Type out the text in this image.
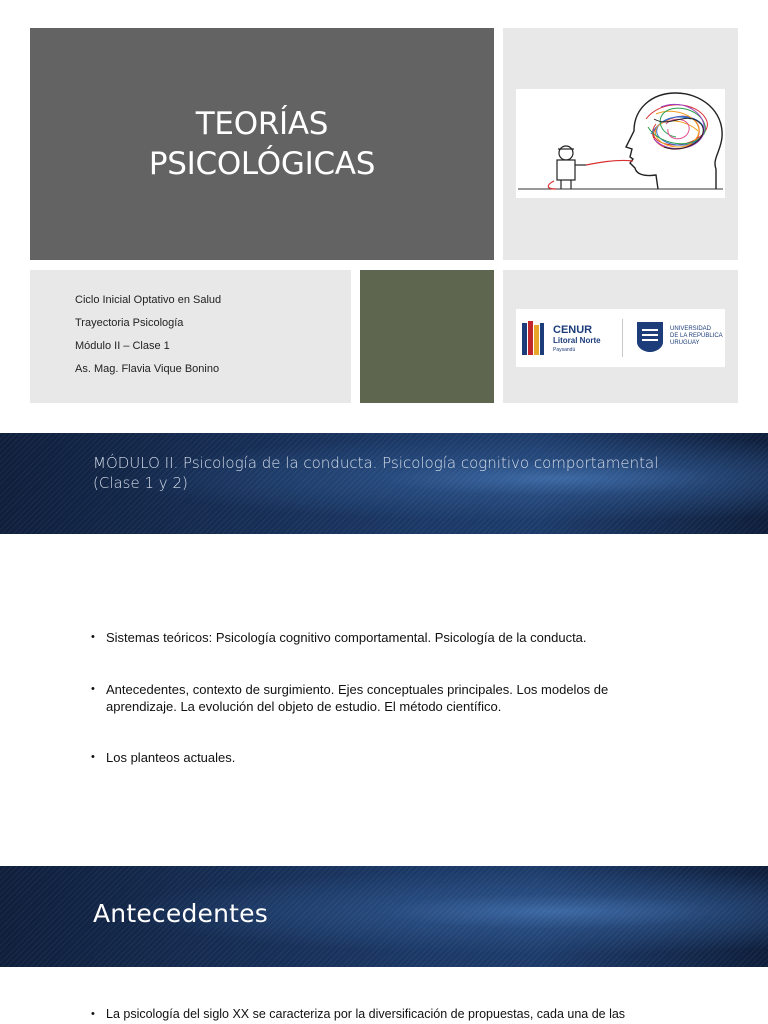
TEORÍAS
PSICOLÓGICAS
Ciclo Inicial Optativo en Salud
Trayectoria Psicología
Módulo II – Clase 1
As. Mag. Flavia Vique Bonino
CENUR
Litoral Norte
Paysandú
UNIVERSIDAD
DE LA REPÚBLICA
URUGUAY
MÓDULO II. Psicología de la conducta. Psicología cognitivo comportamental
(Clase 1 y 2)
• Sistemas teóricos: Psicología cognitivo comportamental. Psicología de la conducta.
• Antecedentes, contexto de surgimiento. Ejes conceptuales principales. Los modelos de
aprendizaje. La evolución del objeto de estudio. El método científico.
• Los planteos actuales.
Antecedentes
• La psicología del siglo XX se caracteriza por la diversificación de propuestas, cada una de las
